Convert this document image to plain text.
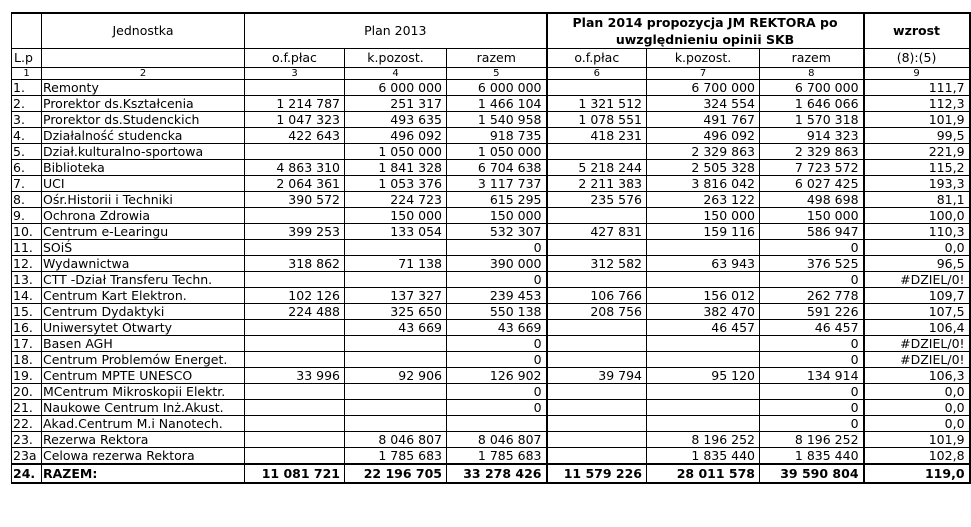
	Jednostka	Plan 2013			Plan 2014 propozycja JM REKTORA po
uwzględnieniu opinii SKB			wzrost

L.p		o.f.płac	k.pozost.	razem	o.f.płac	k.pozost.	razem	(8):(5)
1	2	3	4	5	6	7	8	9
1.	Remonty		6 000 000	6 000 000		6 700 000	6 700 000	111,7
2.	Prorektor ds.Kształcenia	1 214 787	251 317	1 466 104	1 321 512	324 554	1 646 066	112,3
3.	Prorektor ds.Studenckich	1 047 323	493 635	1 540 958	1 078 551	491 767	1 570 318	101,9
4.	Działalność studencka	422 643	496 092	918 735	418 231	496 092	914 323	99,5
5.	Dział.kulturalno-sportowa		1 050 000	1 050 000		2 329 863	2 329 863	221,9
6.	Biblioteka	4 863 310	1 841 328	6 704 638	5 218 244	2 505 328	7 723 572	115,2
7.	UCI	2 064 361	1 053 376	3 117 737	2 211 383	3 816 042	6 027 425	193,3
8.	Ośr.Historii i Techniki	390 572	224 723	615 295	235 576	263 122	498 698	81,1
9.	Ochrona Zdrowia		150 000	150 000		150 000	150 000	100,0
10.	Centrum e-Learingu	399 253	133 054	532 307	427 831	159 116	586 947	110,3
11.	SOiŚ			0			0	0,0
12.	Wydawnictwa	318 862	71 138	390 000	312 582	63 943	376 525	96,5
13.	CTT -Dział Transferu Techn.			0			0	#DZIEL/0!
14.	Centrum Kart Elektron.	102 126	137 327	239 453	106 766	156 012	262 778	109,7
15.	Centrum Dydaktyki	224 488	325 650	550 138	208 756	382 470	591 226	107,5
16.	Uniwersytet Otwarty		43 669	43 669		46 457	46 457	106,4
17.	Basen AGH			0			0	#DZIEL/0!
18.	Centrum Problemów Energet.			0			0	#DZIEL/0!
19.	Centrum MPTE UNESCO	33 996	92 906	126 902	39 794	95 120	134 914	106,3
20.	MCentrum Mikroskopii Elektr.			0			0	0,0
21.	Naukowe Centrum Inż.Akust.			0			0	0,0
22.	Akad.Centrum M.i Nanotech.						0	0,0
23.	Rezerwa Rektora		8 046 807	8 046 807		8 196 252	8 196 252	101,9
23a	Celowa rezerwa Rektora		1 785 683	1 785 683		1 835 440	1 835 440	102,8
24.	RAZEM:	11 081 721	22 196 705	33 278 426	11 579 226	28 011 578	39 590 804	119,0
